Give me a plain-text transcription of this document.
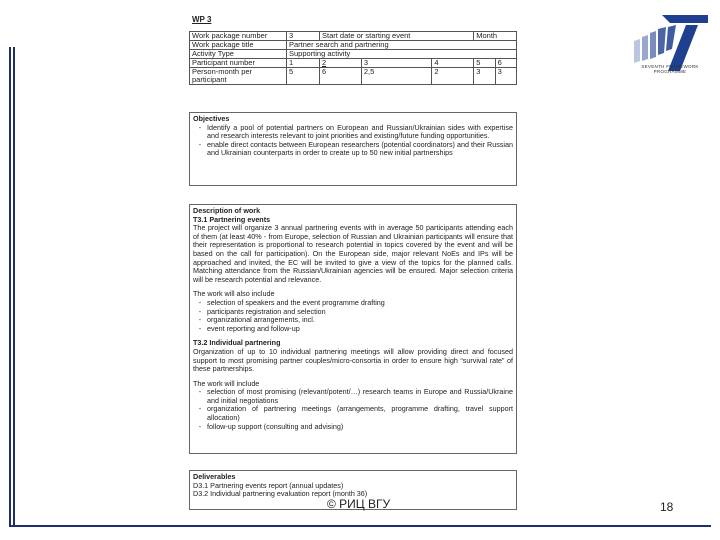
SEVENTH FRAMEWORK PROGRAMME
WP 3
Work package number	3	Start date or starting event			Month	
Work package title	Partner search and partnering					
Activity Type	Supporting activity					
Participant number	1	2	3	4	5	6
Person-month per participant	5	6	2,5	2	3	3
Objectives
- Identify a pool of potential partners on European and Russian/Ukrainian sides with expertise and research interests relevant to joint priorities and existing/future funding opportunities.
- enable direct contacts between European researchers (potential coordinators) and their Russian and Ukrainian counterparts in order to create up to 50 new initial partnerships
Description of work
T3.1 Partnering events
The project will organize 3 annual partnering events with in average 50 participants attending each of them (at least 40% - from Europe, selection of Russian and Ukrainian participants will ensure that their representation is proportional to research potential in topics covered by the event and will be based on the call for participation). On the European side, major relevant NoEs and IPs will be approached and invited, the EC will be invited to give a view of the topics for the planned calls. Matching attendance from the Russian/Ukrainian agencies will be ensured. Major selection criteria will be research potential and relevance.
The work will also include
- selection of speakers and the event programme drafting
- participants registration and selection
- organizational arrangements, incl.
- event reporting and follow-up
T3.2 Individual partnering
Organization of up to 10 individual partnering meetings will allow providing direct and focused support to most promising partner couples/micro-consortia in order to ensure high “survival rate” of these partnerships.
The work will include
- selection of most promising (relevant/potent/…) research teams in Europe and Russia/Ukraine and initial negotiations
- organization of partnering meetings (arrangements, programme drafting, travel support allocation)
- follow-up support (consulting and advising)
Deliverables
D3.1 Partnering events report (annual updates)
D3.2 Individual partnering evaluation report (month 36)
© РИЦ ВГУ	18
